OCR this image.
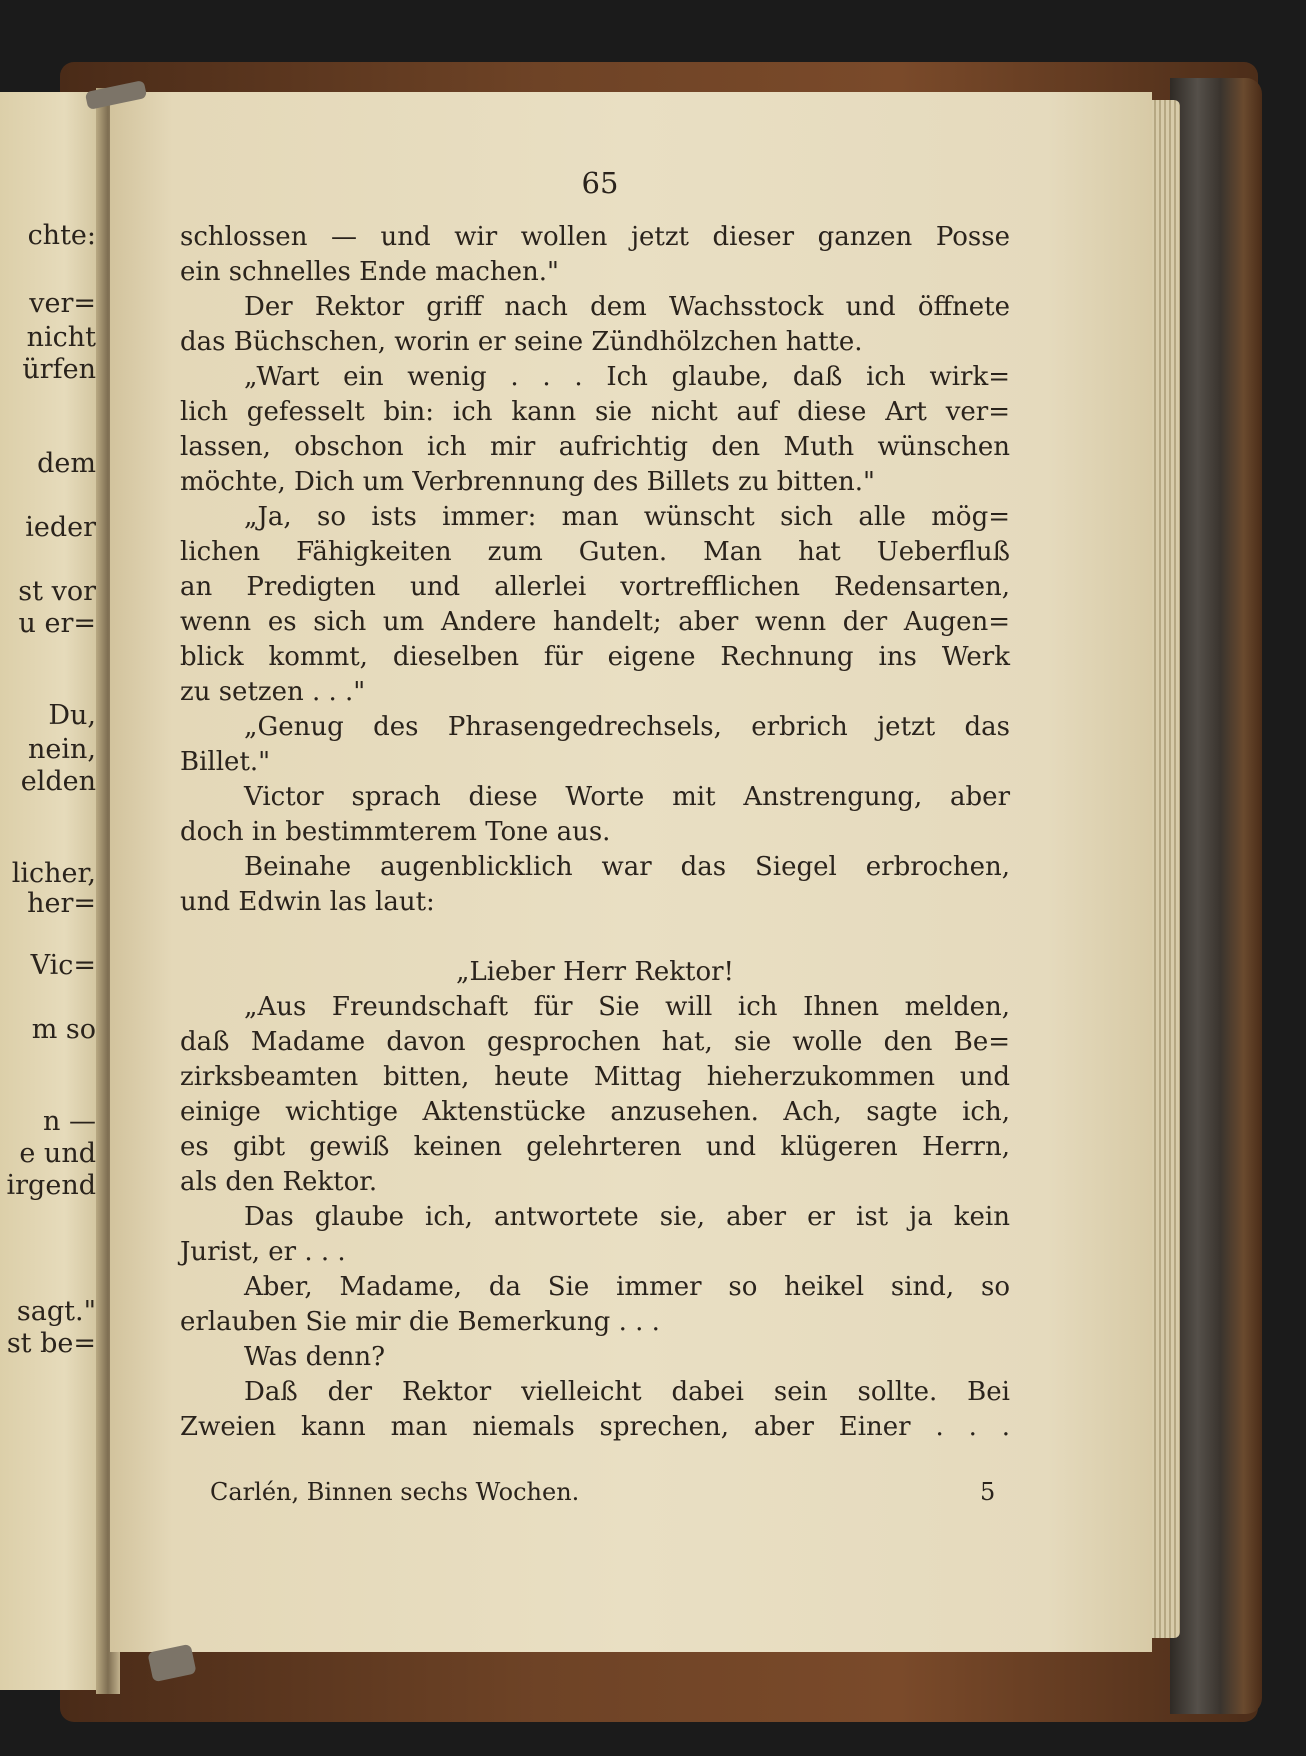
chte:
ver=
nicht
ürfen
dem
ieder
st vor
u er=
Du,
nein,
elden
licher,
her=
Vic=
m so
n —
e und
irgend
sagt."
st be=
65
schlossen — und wir wollen jetzt dieser ganzen Posse
ein schnelles Ende machen."
Der Rektor griff nach dem Wachsstock und öffnete
das Büchschen, worin er seine Zündhölzchen hatte.
„Wart ein wenig . . . Ich glaube, daß ich wirk=
lich gefesselt bin: ich kann sie nicht auf diese Art ver=
lassen, obschon ich mir aufrichtig den Muth wünschen
möchte, Dich um Verbrennung des Billets zu bitten."
„Ja, so ists immer: man wünscht sich alle mög=
lichen Fähigkeiten zum Guten. Man hat Ueberfluß
an Predigten und allerlei vortrefflichen Redensarten,
wenn es sich um Andere handelt; aber wenn der Augen=
blick kommt, dieselben für eigene Rechnung ins Werk
zu setzen . . ."
„Genug des Phrasengedrechsels, erbrich jetzt das
Billet."
Victor sprach diese Worte mit Anstrengung, aber
doch in bestimmterem Tone aus.
Beinahe augenblicklich war das Siegel erbrochen,
und Edwin las laut:
„Lieber Herr Rektor!
„Aus Freundschaft für Sie will ich Ihnen melden,
daß Madame davon gesprochen hat, sie wolle den Be=
zirksbeamten bitten, heute Mittag hieherzukommen und
einige wichtige Aktenstücke anzusehen. Ach, sagte ich,
es gibt gewiß keinen gelehrteren und klügeren Herrn,
als den Rektor.
Das glaube ich, antwortete sie, aber er ist ja kein
Jurist, er . . .
Aber, Madame, da Sie immer so heikel sind, so
erlauben Sie mir die Bemerkung . . .
Was denn?
Daß der Rektor vielleicht dabei sein sollte. Bei
Zweien kann man niemals sprechen, aber Einer . . .
Carlén, Binnen sechs Wochen.	5
